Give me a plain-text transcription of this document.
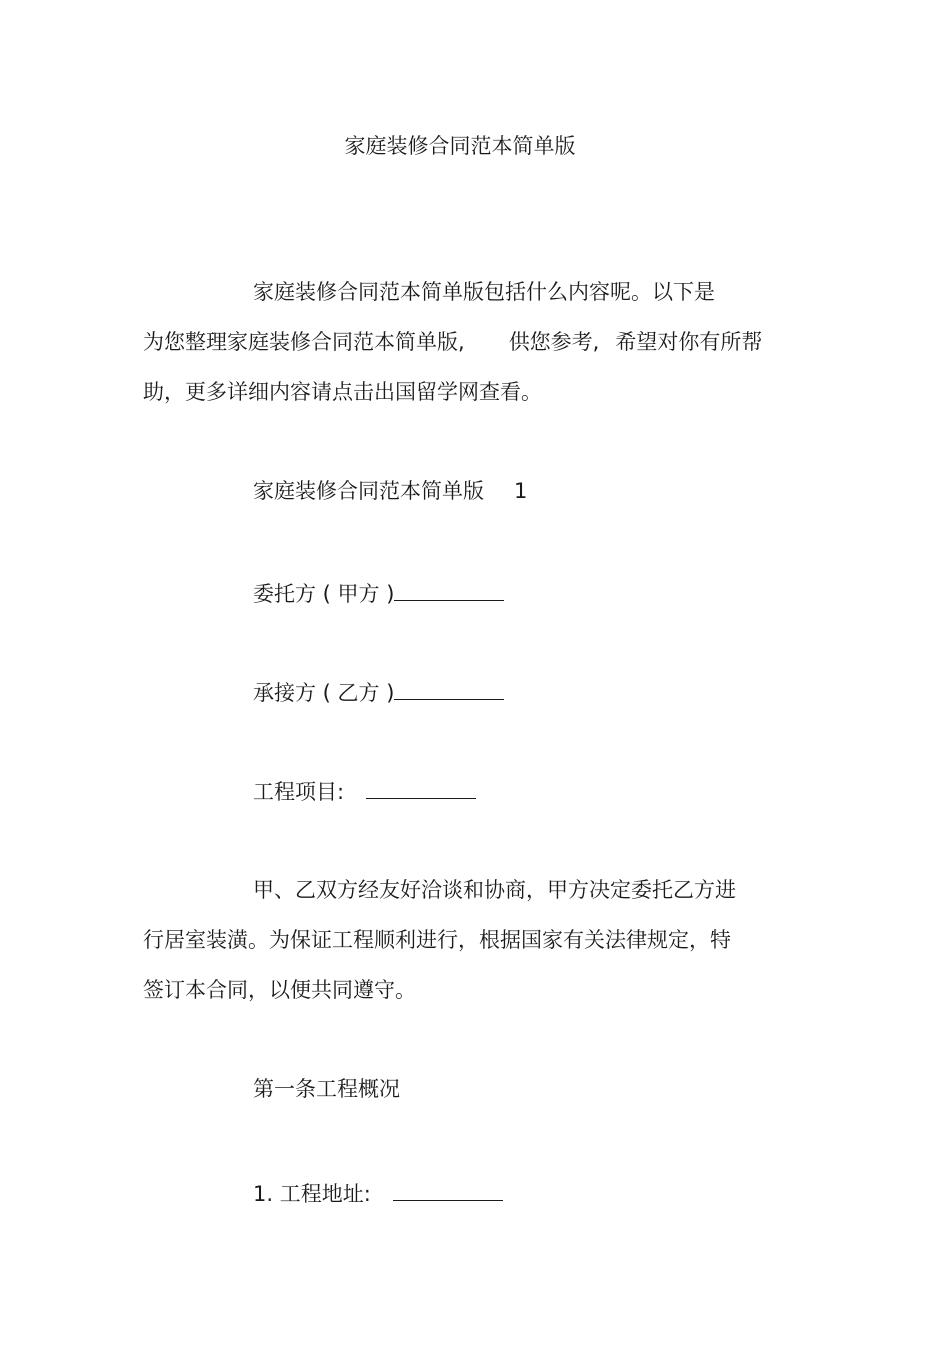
家庭装修合同范本简单版
家庭装修合同范本简单版包括什么内容呢。以下是
为您整理家庭装修合同范本简单版, 供您参考, 希望对你有所帮
助，更多详细内容请点击出国留学网查看。
家庭装修合同范本简单版 1
委托方 ( 甲方 )
承接方 ( 乙方 )
工程项目:
甲、乙双方经友好洽谈和协商，甲方决定委托乙方进
行居室装潢。为保证工程顺利进行，根据国家有关法律规定，特
签订本合同，以便共同遵守。
第一条工程概况
1. 工程地址:
